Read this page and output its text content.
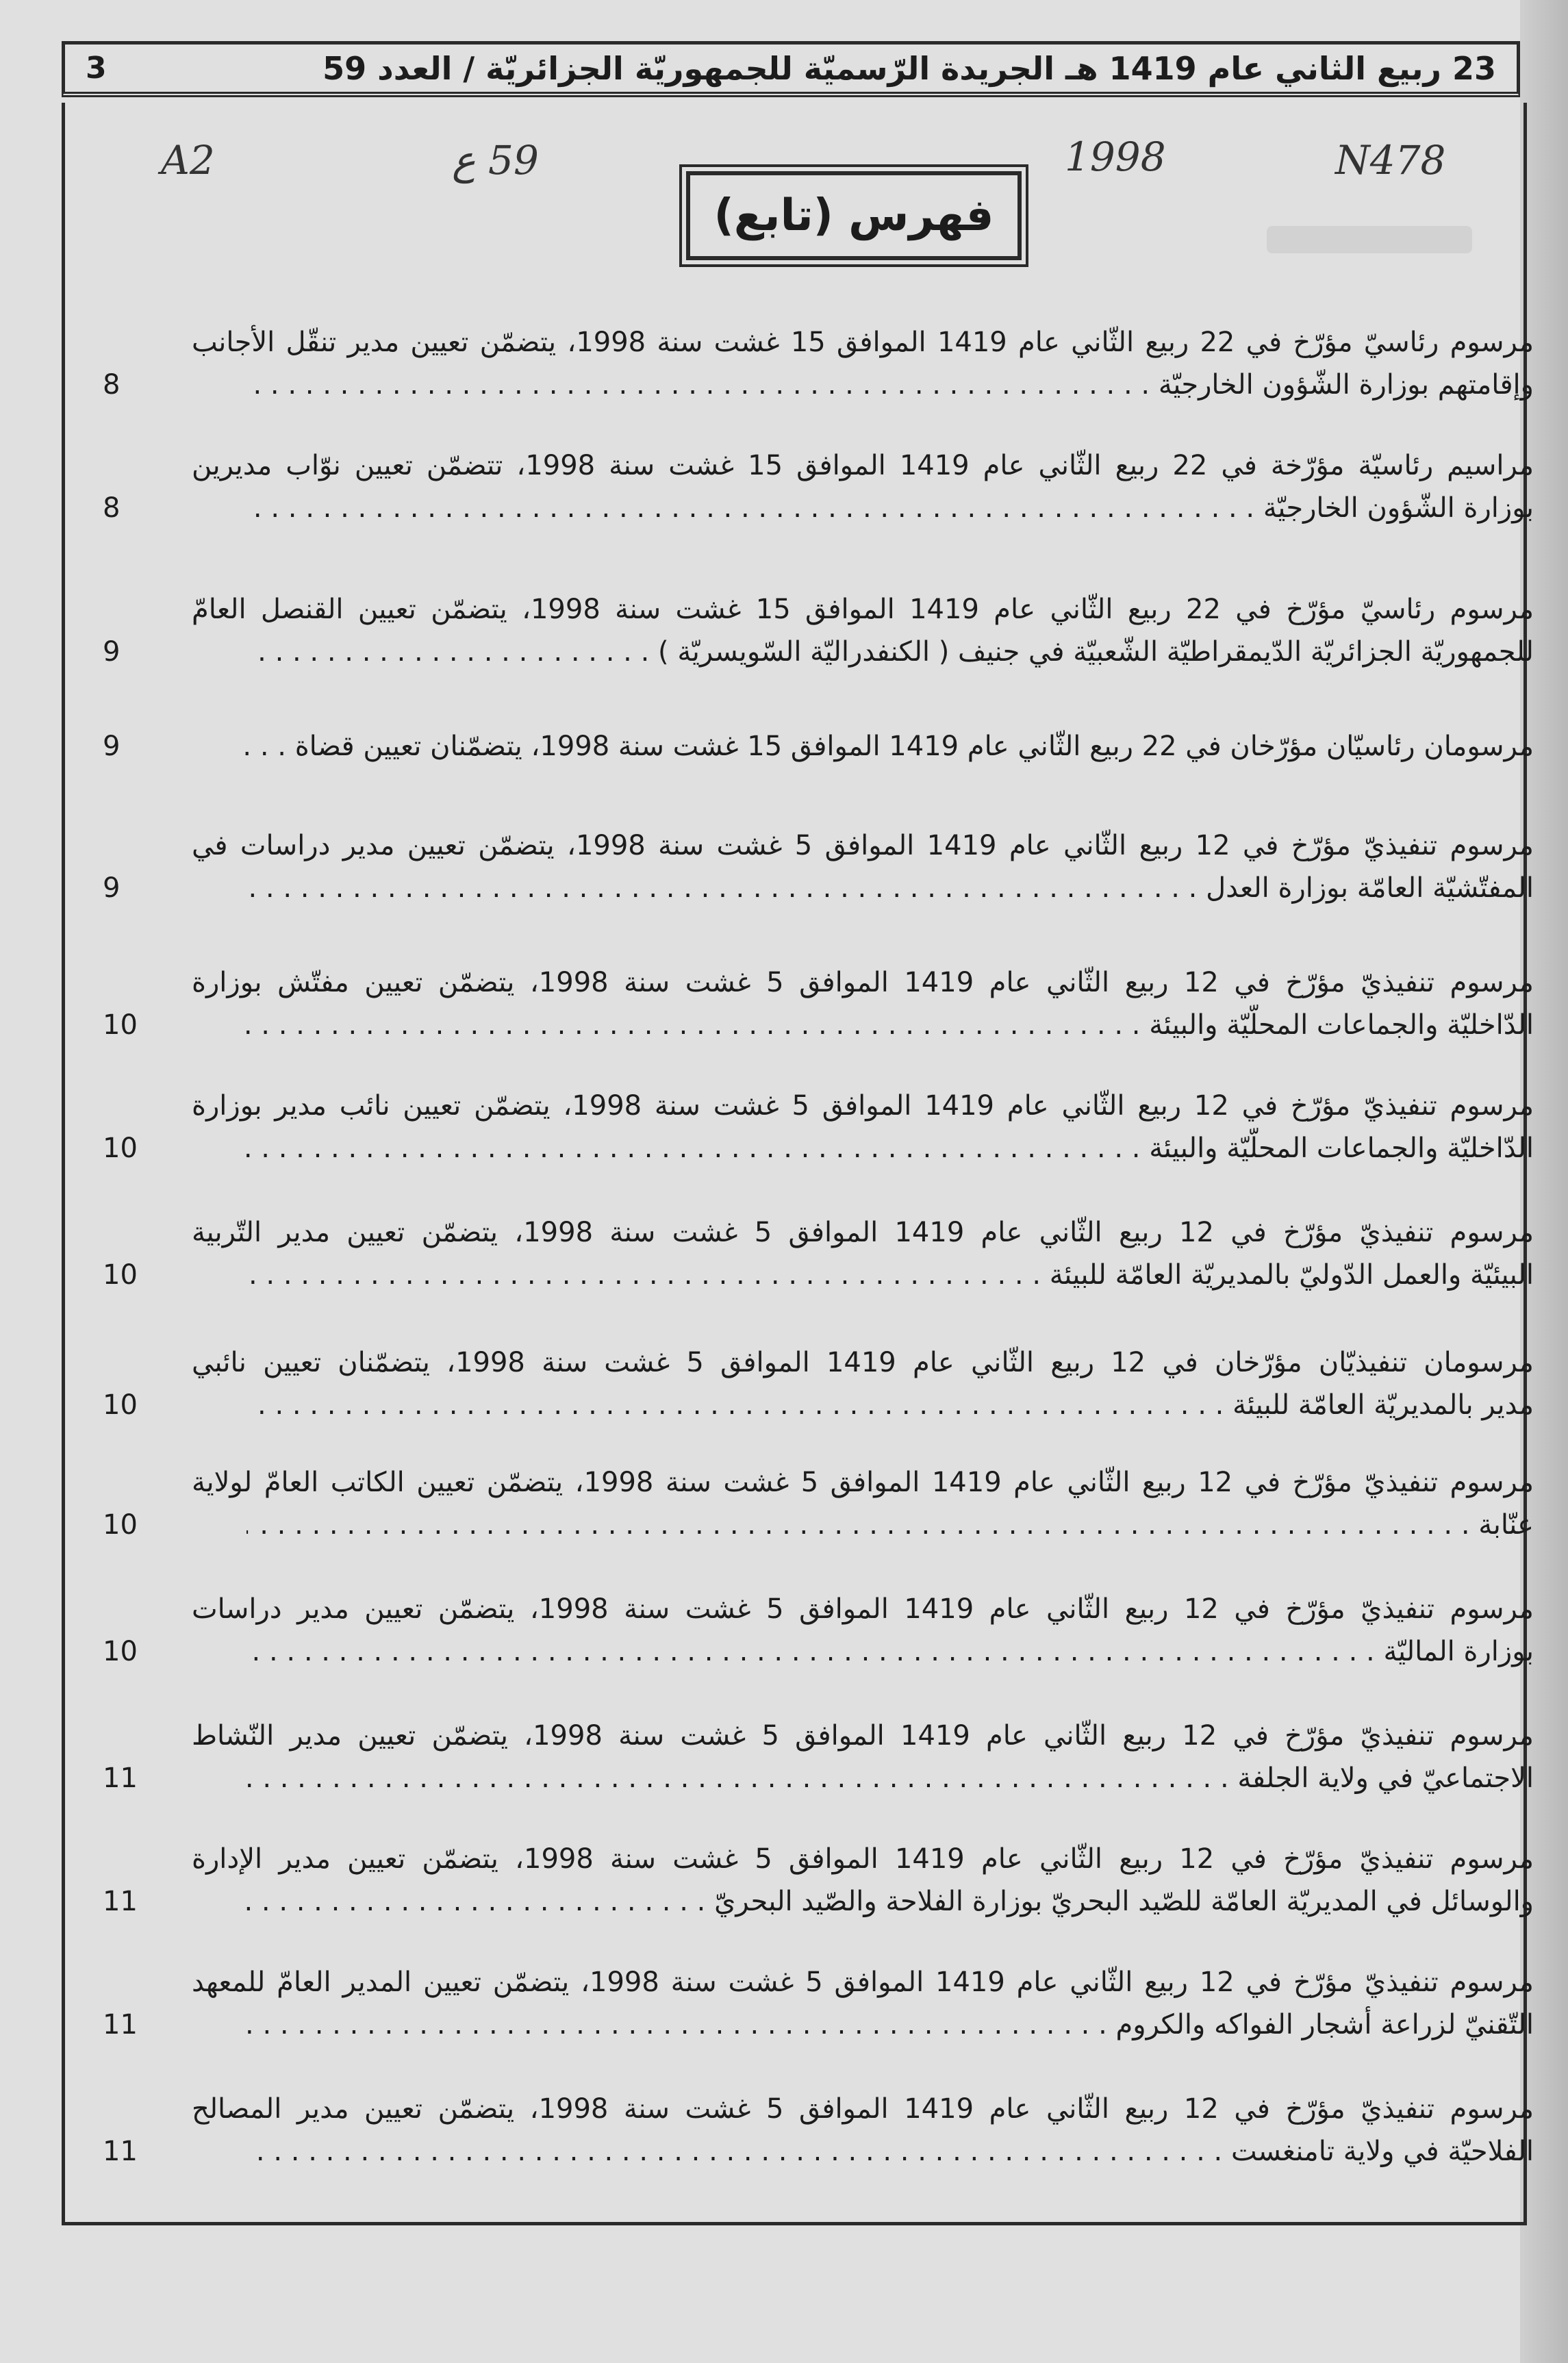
3	23 ربيع الثاني عام 1419 هـ الجريدة الرّسميّة للجمهوريّة الجزائريّة / العدد 59
A2	59 ع	1998	N478
فهرس (تابع)
مرسوم رئاسيّ مؤرّخ في 22 ربيع الثّاني عام 1419 الموافق 15 غشت سنة 1998، يتضمّن تعيين مدير تنقّل الأجانب
وإقامتهم بوزارة الشّؤون الخارجيّة . . .
8
مراسيم رئاسيّة مؤرّخة في 22 ربيع الثّاني عام 1419 الموافق 15 غشت سنة 1998، تتضمّن تعيين نوّاب مديرين
بوزارة الشّؤون الخارجيّة . . .
8
مرسوم رئاسيّ مؤرّخ في 22 ربيع الثّاني عام 1419 الموافق 15 غشت سنة 1998، يتضمّن تعيين القنصل العامّ
للجمهوريّة الجزائريّة الدّيمقراطيّة الشّعبيّة في جنيف ( الكنفدراليّة السّويسريّة ) . . .
9
مرسومان رئاسيّان مؤرّخان في 22 ربيع الثّاني عام 1419 الموافق 15 غشت سنة 1998، يتضمّنان تعيين قضاة . . .
9
مرسوم تنفيذيّ مؤرّخ في 12 ربيع الثّاني عام 1419 الموافق 5 غشت سنة 1998، يتضمّن تعيين مدير دراسات في
المفتّشيّة العامّة بوزارة العدل . . .
9
مرسوم تنفيذيّ مؤرّخ في 12 ربيع الثّاني عام 1419 الموافق 5 غشت سنة 1998، يتضمّن تعيين مفتّش بوزارة
الدّاخليّة والجماعات المحلّيّة والبيئة . . .
10
مرسوم تنفيذيّ مؤرّخ في 12 ربيع الثّاني عام 1419 الموافق 5 غشت سنة 1998، يتضمّن تعيين نائب مدير بوزارة
الدّاخليّة والجماعات المحلّيّة والبيئة . . .
10
مرسوم تنفيذيّ مؤرّخ في 12 ربيع الثّاني عام 1419 الموافق 5 غشت سنة 1998، يتضمّن تعيين مدير التّربية
البيئيّة والعمل الدّوليّ بالمديريّة العامّة للبيئة . . .
10
مرسومان تنفيذيّان مؤرّخان في 12 ربيع الثّاني عام 1419 الموافق 5 غشت سنة 1998، يتضمّنان تعيين نائبي
مدير بالمديريّة العامّة للبيئة . . .
10
مرسوم تنفيذيّ مؤرّخ في 12 ربيع الثّاني عام 1419 الموافق 5 غشت سنة 1998، يتضمّن تعيين الكاتب العامّ لولاية
عنّابة . . .
10
مرسوم تنفيذيّ مؤرّخ في 12 ربيع الثّاني عام 1419 الموافق 5 غشت سنة 1998، يتضمّن تعيين مدير دراسات
بوزارة الماليّة . . .
10
مرسوم تنفيذيّ مؤرّخ في 12 ربيع الثّاني عام 1419 الموافق 5 غشت سنة 1998، يتضمّن تعيين مدير النّشاط
الاجتماعيّ في ولاية الجلفة . . .
11
مرسوم تنفيذيّ مؤرّخ في 12 ربيع الثّاني عام 1419 الموافق 5 غشت سنة 1998، يتضمّن تعيين مدير الإدارة
والوسائل في المديريّة العامّة للصّيد البحريّ بوزارة الفلاحة والصّيد البحريّ . . .
11
مرسوم تنفيذيّ مؤرّخ في 12 ربيع الثّاني عام 1419 الموافق 5 غشت سنة 1998، يتضمّن تعيين المدير العامّ للمعهد
التّقنيّ لزراعة أشجار الفواكه والكروم . . .
11
مرسوم تنفيذيّ مؤرّخ في 12 ربيع الثّاني عام 1419 الموافق 5 غشت سنة 1998، يتضمّن تعيين مدير المصالح
الفلاحيّة في ولاية تامنغست . . .
11
